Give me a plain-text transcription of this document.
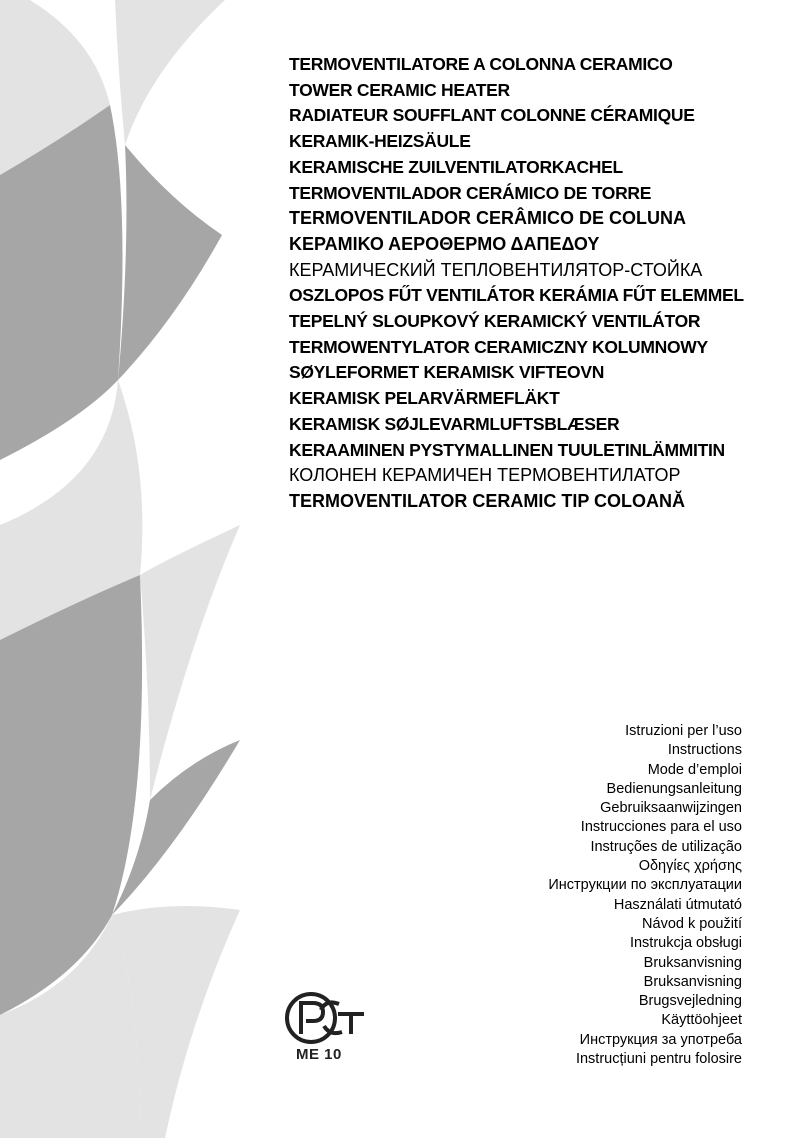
TERMOVENTILATORE A COLONNA CERAMICO
TOWER CERAMIC HEATER
RADIATEUR SOUFFLANT COLONNE CÉRAMIQUE
KERAMIK-HEIZSÄULE
KERAMISCHE ZUILVENTILATORKACHEL
TERMOVENTILADOR CERÁMICO DE TORRE
TERMOVENTILADOR CERÂMICO DE COLUNA
ΚΕΡΑΜΙΚΟ ΑΕΡΟΘΕΡΜΟ ΔΑΠΕΔΟΥ
КЕРАМИЧЕСКИЙ ТЕПЛОВЕНТИЛЯТОР-СТОЙКА
OSZLOPOS FŰT VENTILÁTOR KERÁMIA FŰT ELEMMEL
TEPELNÝ SLOUPKOVÝ KERAMICKÝ VENTILÁTOR
TERMOWENTYLATOR CERAMICZNY KOLUMNOWY
SØYLEFORMET KERAMISK VIFTEOVN
KERAMISK PELARVÄRMEFLÄKT
KERAMISK SØJLEVARMLUFTSBLÆSER
KERAAMINEN PYSTYMALLINEN TUULETINLÄMMITIN
КОЛОНЕН КЕРАМИЧЕН ТЕРМОВЕНТИЛАТОР
TERMOVENTILATOR CERAMIC TIP COLOANĂ
Istruzioni per l’uso
Instructions
Mode d’emploi
Bedienungsanleitung
Gebruiksaanwijzingen
Instrucciones para el uso
Instruções de utilização
Οδηγίες χρήσης
Инструкции по эксплуатации
Használati útmutató
Návod k použití
Instrukcja obsługi
Bruksanvisning
Bruksanvisning
Brugsvejledning
Käyttöohjeet
Инструкция за употреба
Instrucțiuni pentru folosire
ME 10
